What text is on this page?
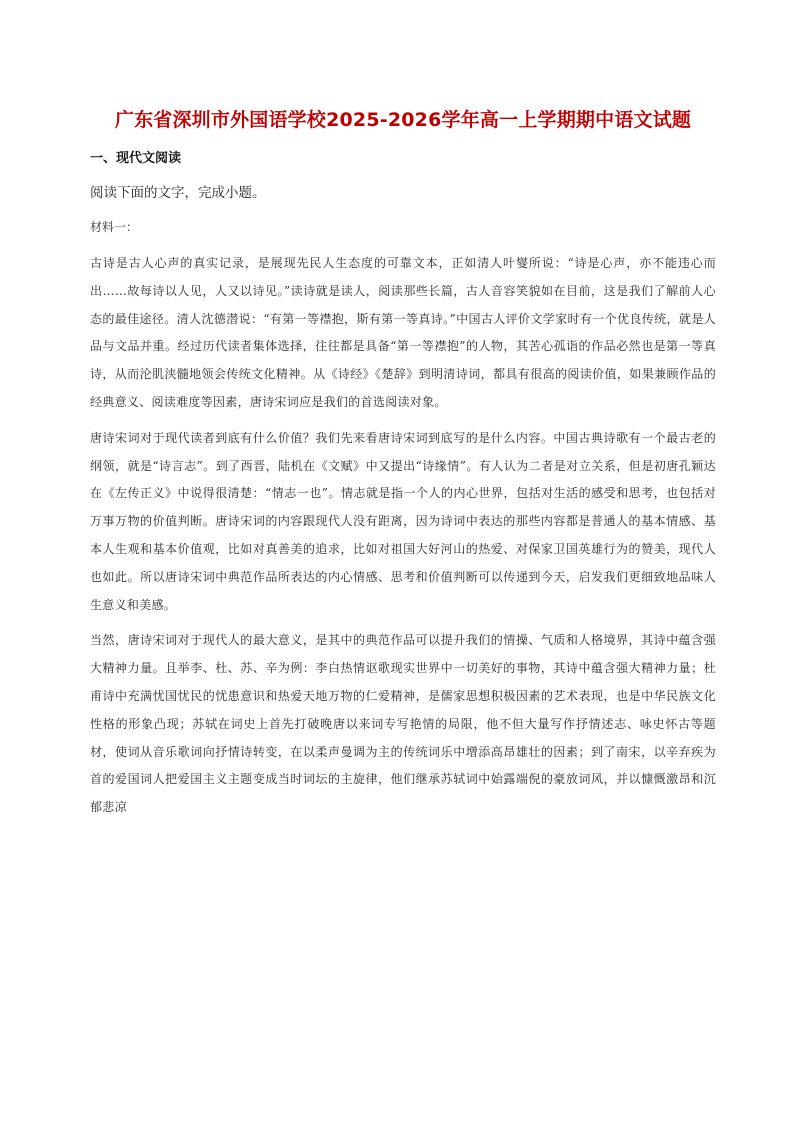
广东省深圳市外国语学校2025-2026学年高一上学期期中语文试题
一、现代文阅读
阅读下面的文字，完成小题。
材料一：

古诗是古人心声的真实记录，是展现先民人生态度的可靠文本，正如清人叶燮所说：“诗是心声，亦不能违心而出……故每诗以人见，人又以诗见。”读诗就是读人，阅读那些长篇，古人音容笑貌如在目前，这是我们了解前人心态的最佳途径。清人沈德潜说：“有第一等襟抱，斯有第一等真诗。”中国古人评价文学家时有一个优良传统，就是人品与文品并重。经过历代读者集体选择，往往都是具备“第一等襟抱”的人物，其苦心孤诣的作品必然也是第一等真诗，从而沦肌浃髓地领会传统文化精神。从《诗经》《楚辞》到明清诗词，都具有很高的阅读价值，如果兼顾作品的经典意义、阅读难度等因素，唐诗宋词应是我们的首选阅读对象。

唐诗宋词对于现代读者到底有什么价值？我们先来看唐诗宋词到底写的是什么内容。中国古典诗歌有一个最古老的纲领，就是“诗言志”。到了西晋，陆机在《文赋》中又提出“诗缘情”。有人认为二者是对立关系，但是初唐孔颖达在《左传正义》中说得很清楚：“情志一也”。情志就是指一个人的内心世界，包括对生活的感受和思考，也包括对万事万物的价值判断。唐诗宋词的内容跟现代人没有距离，因为诗词中表达的那些内容都是普通人的基本情感、基本人生观和基本价值观，比如对真善美的追求，比如对祖国大好河山的热爱、对保家卫国英雄行为的赞美，现代人也如此。所以唐诗宋词中典范作品所表达的内心情感、思考和价值判断可以传递到今天，启发我们更细致地品味人生意义和美感。

当然，唐诗宋词对于现代人的最大意义，是其中的典范作品可以提升我们的情操、气质和人格境界，其诗中蕴含强大精神力量。且举李、杜、苏、辛为例：李白热情讴歌现实世界中一切美好的事物，其诗中蕴含强大精神力量；杜甫诗中充满忧国忧民的忧患意识和热爱天地万物的仁爱精神，是儒家思想积极因素的艺术表现，也是中华民族文化性格的形象凸现；苏轼在词史上首先打破晚唐以来词专写艳情的局限，他不但大量写作抒情述志、咏史怀古等题材，使词从音乐歌词向抒情诗转变，在以柔声曼调为主的传统词乐中增添高昂雄壮的因素；到了南宋，以辛弃疾为首的爱国词人把爱国主义主题变成当时词坛的主旋律，他们继承苏轼词中始露端倪的豪放词风，并以慷慨激昂和沉郁悲凉
